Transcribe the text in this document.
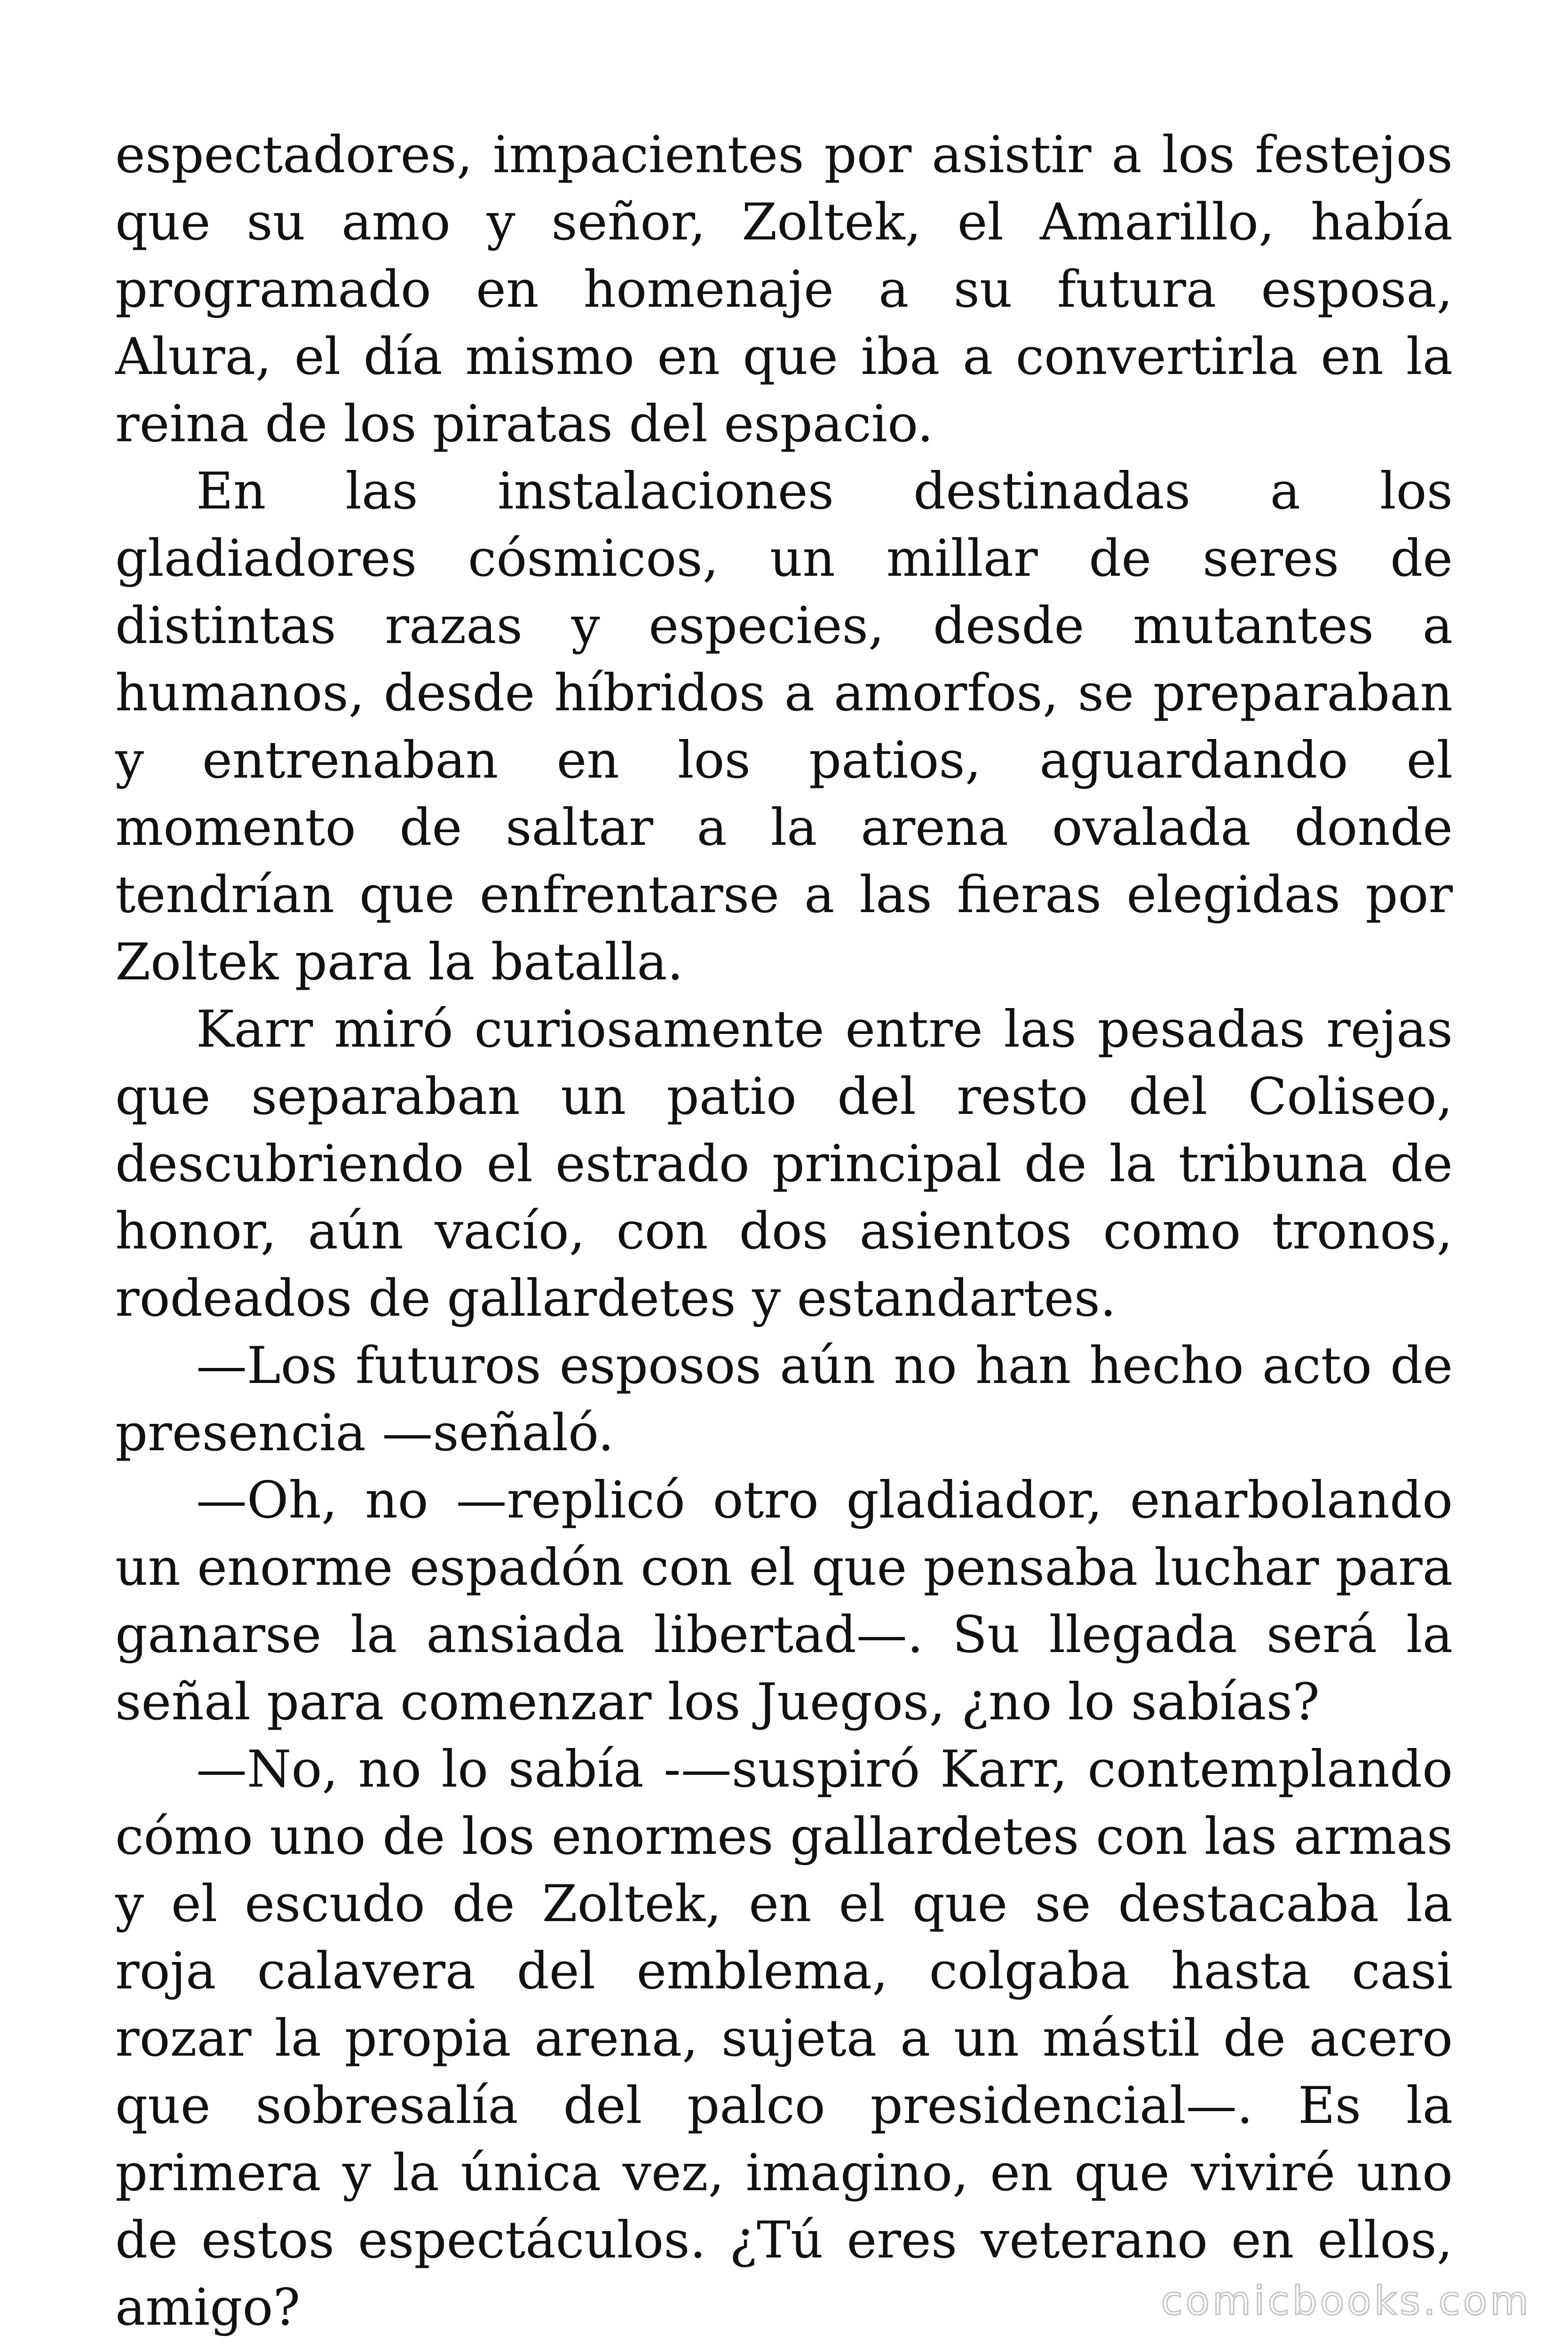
espectadores, impacientes por asistir a los festejos que su amo y señor, Zoltek, el Amarillo, había programado en homenaje a su futura esposa, Alura, el día mismo en que iba a convertirla en la reina de los piratas del espacio.

En las instalaciones destinadas a los gladiadores cósmicos, un millar de seres de distintas razas y especies, desde mutantes a humanos, desde híbridos a amorfos, se preparaban y entrenaban en los patios, aguardando el momento de saltar a la arena ovalada donde tendrían que enfrentarse a las fieras elegidas por Zoltek para la batalla.

Karr miró curiosamente entre las pesadas rejas que separaban un patio del resto del Coliseo, descubriendo el estrado principal de la tribuna de honor, aún vacío, con dos asientos como tronos, rodeados de gallardetes y estandartes.

—Los futuros esposos aún no han hecho acto de presencia —señaló.

—Oh, no —replicó otro gladiador, enarbolando un enorme espadón con el que pensaba luchar para ganarse la ansiada libertad—. Su llegada será la señal para comenzar los Juegos, ¿no lo sabías?

—No, no lo sabía -—suspiró Karr, contemplando cómo uno de los enormes gallardetes con las armas y el escudo de Zoltek, en el que se destacaba la roja calavera del emblema, colgaba hasta casi rozar la propia arena, sujeta a un mástil de acero que sobresalía del palco presidencial—. Es la primera y la única vez, imagino, en que viviré uno de estos espectáculos. ¿Tú eres veterano en ellos, amigo?	comicbooks.com
